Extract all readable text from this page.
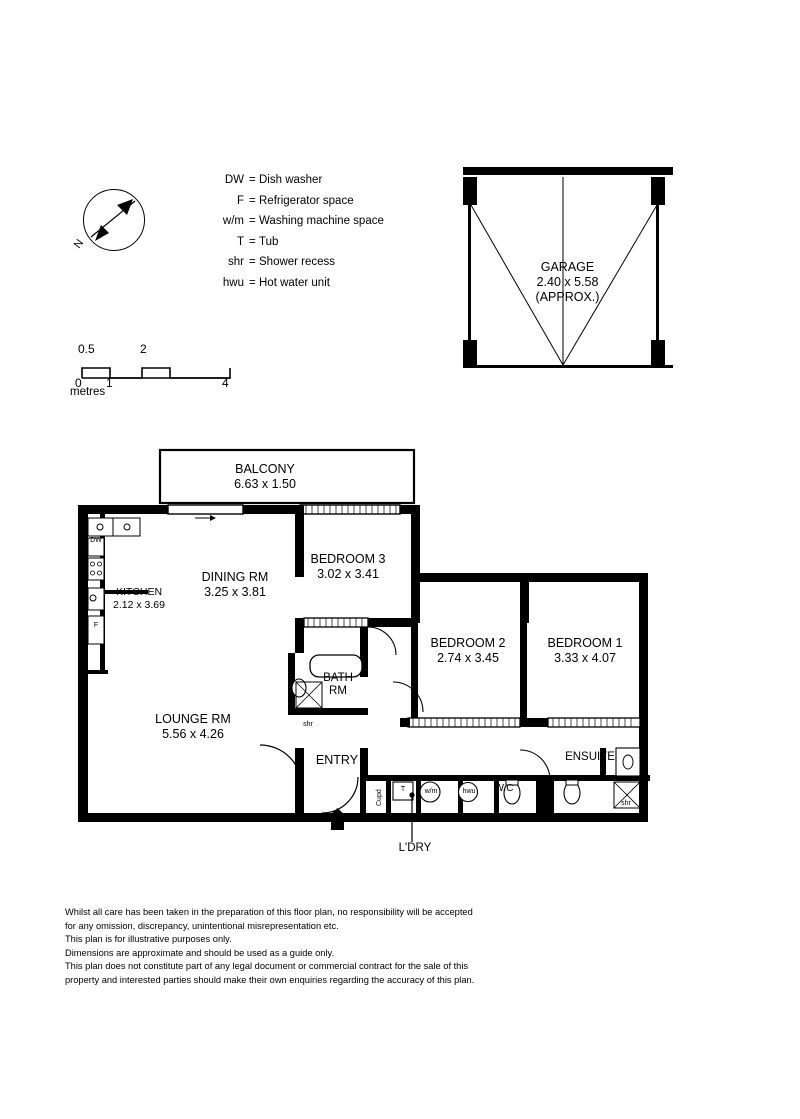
N
DW = Dish washer
F = Refrigerator space
w/m = Washing machine space
T = Tub
shr = Shower recess
hwu = Hot water unit
0.5	2
0 1	4
metres
GARAGE
2.40 x 5.58
(APPROX.)
BALCONY
6.63 x 1.50
DINING RM
3.25 x 3.81
KITCHEN
2.12 x 3.69
LOUNGE RM
5.56 x 4.26
BEDROOM 3
3.02 x 3.41
BEDROOM 2
2.74 x 3.45
BEDROOM 1
3.33 x 4.07
BATH
RM
ENSUITE
ENTRY
L'DRY
W.C
DW
F
shr
shr
T	w/m	hwu
Cupd
Whilst all care has been taken in the preparation of this floor plan, no responsibility will be accepted
for any omission, discrepancy, unintentional misrepresentation etc.
This plan is for illustrative purposes only.
Dimensions are approximate and should be used as a guide only.
This plan does not constitute part of any legal document or commercial contract for the sale of this
property and interested parties should make their own enquiries regarding the accuracy of this plan.
